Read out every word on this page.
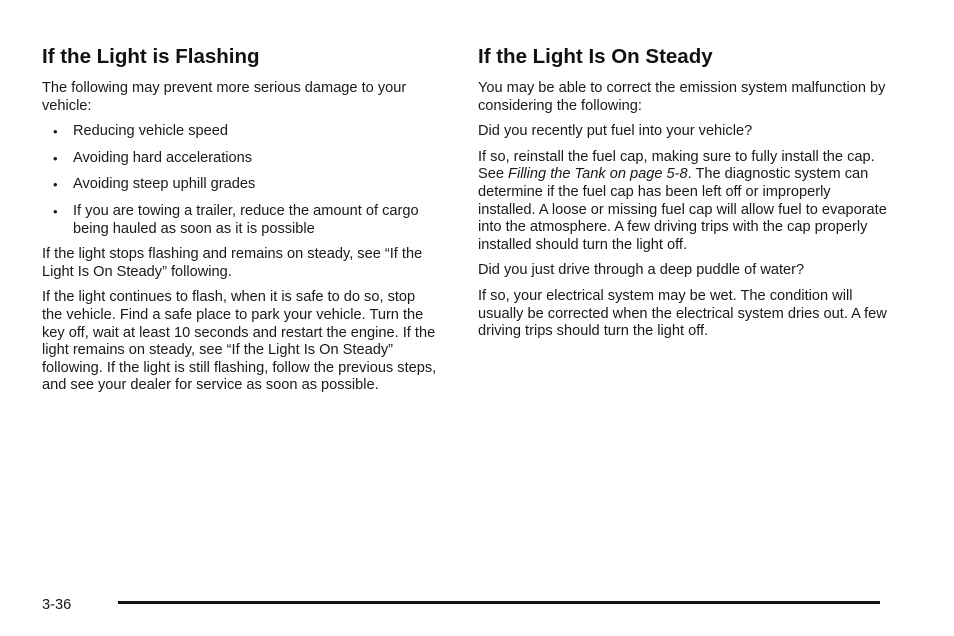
If the Light is Flashing

The following may prevent more serious damage to your vehicle:

• Reducing vehicle speed
• Avoiding hard accelerations
• Avoiding steep uphill grades
• If you are towing a trailer, reduce the amount of cargo being hauled as soon as it is possible

If the light stops flashing and remains on steady, see “If the Light Is On Steady” following.

If the light continues to flash, when it is safe to do so, stop the vehicle. Find a safe place to park your vehicle. Turn the key off, wait at least 10 seconds and restart the engine. If the light remains on steady, see “If the Light Is On Steady” following. If the light is still flashing, follow the previous steps, and see your dealer for service as soon as possible.

If the Light Is On Steady

You may be able to correct the emission system malfunction by considering the following:

Did you recently put fuel into your vehicle?

If so, reinstall the fuel cap, making sure to fully install the cap. See Filling the Tank on page 5-8. The diagnostic system can determine if the fuel cap has been left off or improperly installed. A loose or missing fuel cap will allow fuel to evaporate into the atmosphere. A few driving trips with the cap properly installed should turn the light off.

Did you just drive through a deep puddle of water?

If so, your electrical system may be wet. The condition will usually be corrected when the electrical system dries out. A few driving trips should turn the light off.

3-36
